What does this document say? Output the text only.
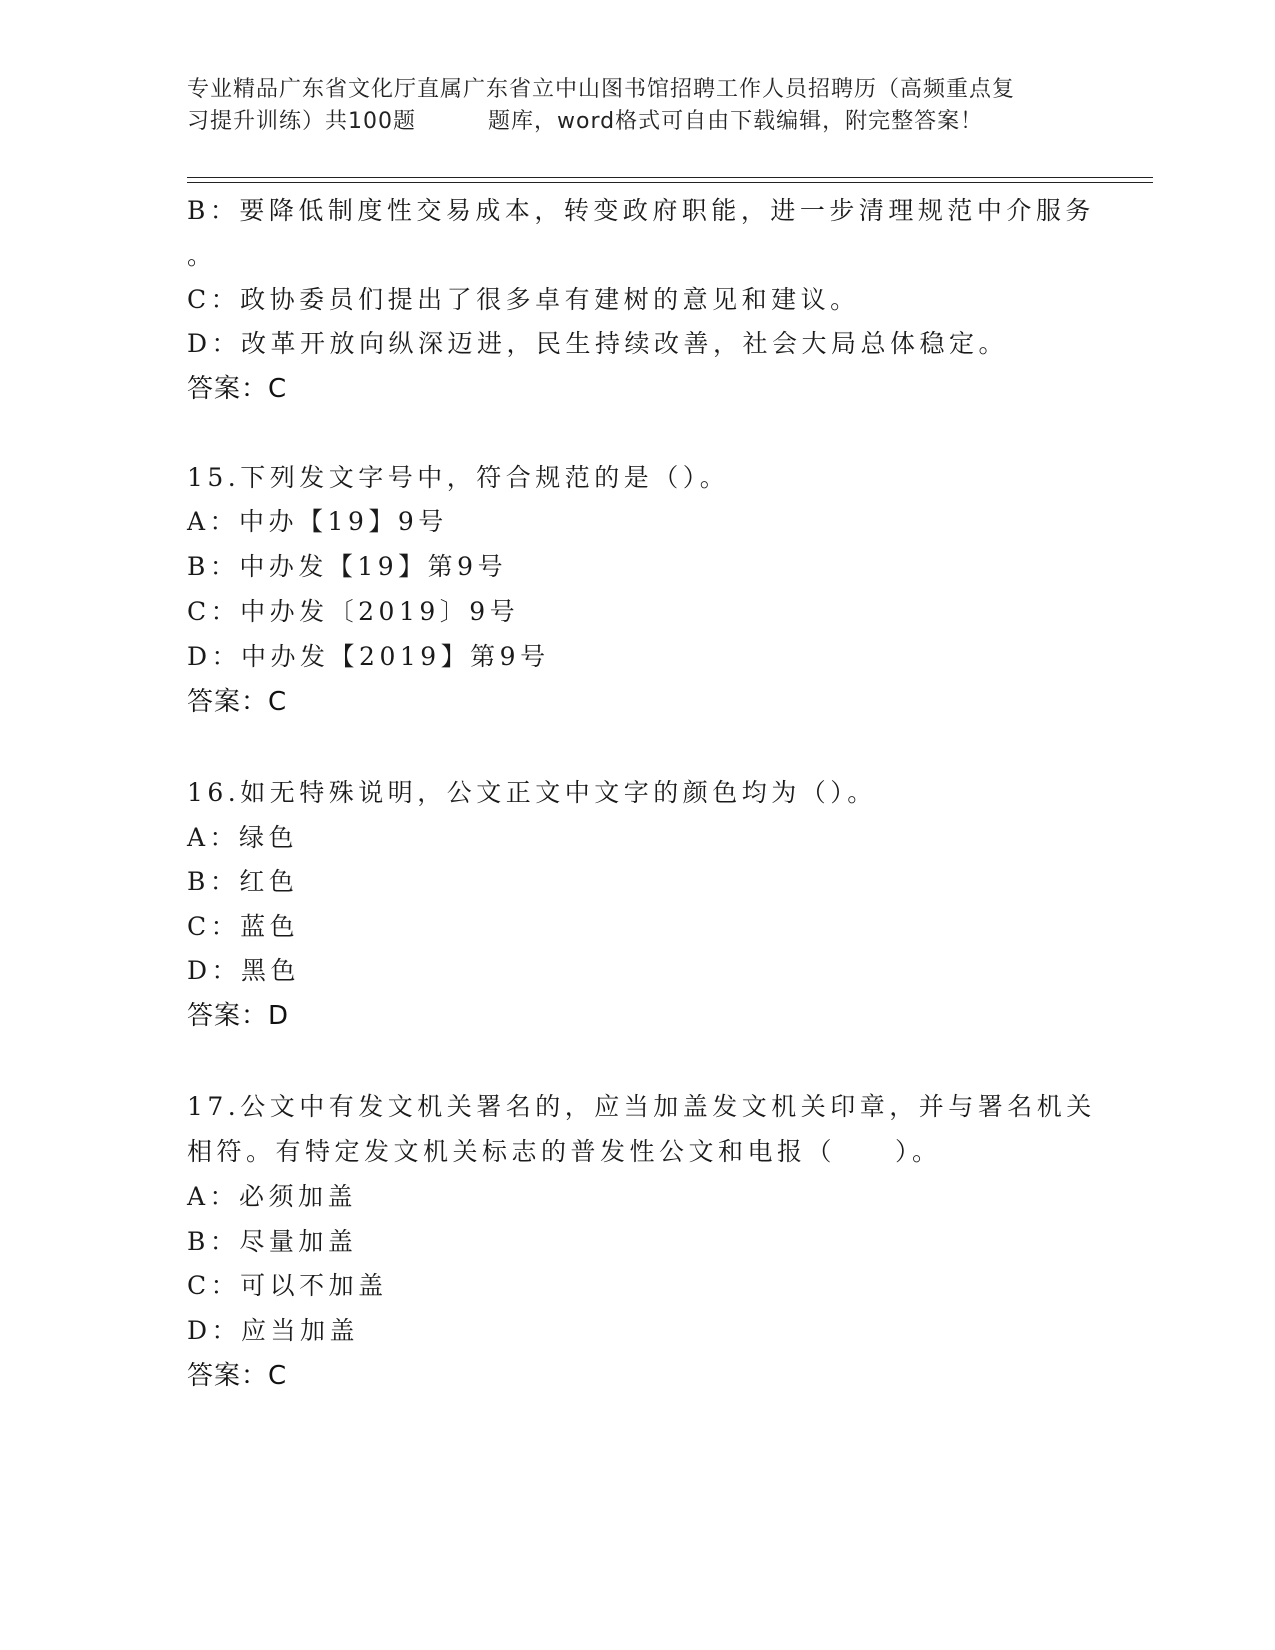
专业精品广东省文化厅直属广东省立中山图书馆招聘工作人员招聘历（高频重点复
习提升训练）共100题	题库，word格式可自由下载编辑，附完整答案！
B：要降低制度性交易成本，转变政府职能，进一步清理规范中介服务
。
C：政协委员们提出了很多卓有建树的意见和建议。
D：改革开放向纵深迈进，民生持续改善，社会大局总体稳定。
答案：C
15.下列发文字号中，符合规范的是（）。
A：中办【19】9号
B：中办发【19】第9号
C：中办发〔2019〕9号
D：中办发【2019】第9号
答案：C
16.如无特殊说明，公文正文中文字的颜色均为（）。
A：绿色
B：红色
C：蓝色
D：黑色
答案：D
17.公文中有发文机关署名的，应当加盖发文机关印章，并与署名机关
相符。有特定发文机关标志的普发性公文和电报（　　）。
A：必须加盖
B：尽量加盖
C：可以不加盖
D：应当加盖
答案：C
